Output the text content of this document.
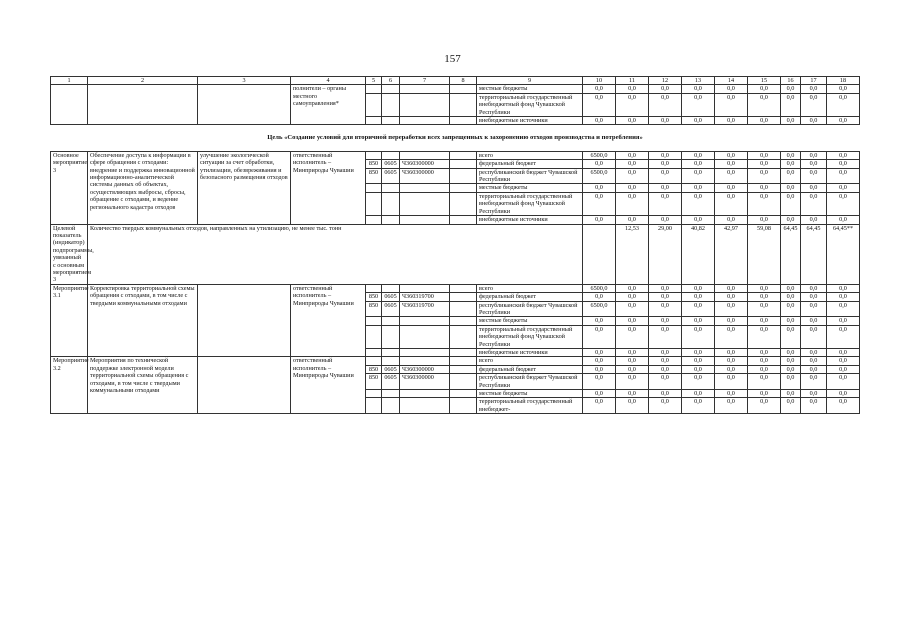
157
1	2	3	4	5	6	7	8	9	10	11	12	13	14	15	16	17	18	
			полнители – органы местного самоуправления*					местные бюджеты	0,0	0,0	0,0	0,0	0,0	0,0	0,0	0,0	0,0	
								территориальный государственный внебюджетный фонд Чувашской Республики	0,0	0,0	0,0	0,0	0,0	0,0	0,0	0,0	0,0	
								внебюджетные источники	0,0	0,0	0,0	0,0	0,0	0,0	0,0	0,0	0,0	
Цель «Создание условий для вторичной переработки всех запрещенных к захоронению отходов производства и потребления»																		
Основное мероприятие 3	Обеспечение доступа к информации в сфере обращения с отходами: внедрение и поддержка инновационной информационно-аналитической системы данных об объектах, осуществляющих выбросы, сбросы, обращение с отходами, и ведение регионального кадастра отходов	улучшение экологической ситуации за счет обработки, утилизации, обезвреживания и безопасного размещения отходов	ответственный исполнитель – Минприроды Чувашии					всего	6500,0	0,0	0,0	0,0	0,0	0,0	0,0	0,0	0,0	
				850	0605	Ч360300000		федеральный бюджет	0,0	0,0	0,0	0,0	0,0	0,0	0,0	0,0	0,0	
				850	0605	Ч360300000		республиканский бюджет Чувашской Республики	6500,0	0,0	0,0	0,0	0,0	0,0	0,0	0,0	0,0	
								местные бюджеты	0,0	0,0	0,0	0,0	0,0	0,0	0,0	0,0	0,0	
								территориальный государственный внебюджетный фонд Чувашской Республики	0,0	0,0	0,0	0,0	0,0	0,0	0,0	0,0	0,0	
								внебюджетные источники	0,0	0,0	0,0	0,0	0,0	0,0	0,0	0,0	0,0	
Целевой показатель (индикатор) подпрограммы, увязанный с основным мероприятием 3	Количество твердых коммунальных отходов, направленных на утилизацию, не менее тыс. тонн									12,53	29,00	40,82	42,97	59,08	64,45	64,45	64,45**	
Мероприятие 3.1	Корректировка территориальной схемы обращения с отходами, в том числе с твердыми коммунальными отходами		ответственный исполнитель – Минприроды Чувашии					всего	6500,0	0,0	0,0	0,0	0,0	0,0	0,0	0,0	0,0	
				850	0605	Ч360319700		федеральный бюджет	0,0	0,0	0,0	0,0	0,0	0,0	0,0	0,0	0,0	
				850	0605	Ч360319700		республиканский бюджет Чувашской Республики	6500,0	0,0	0,0	0,0	0,0	0,0	0,0	0,0	0,0	
								местные бюджеты	0,0	0,0	0,0	0,0	0,0	0,0	0,0	0,0	0,0	
								территориальный государственный внебюджетный фонд Чувашской Республики	0,0	0,0	0,0	0,0	0,0	0,0	0,0	0,0	0,0	
								внебюджетные источники	0,0	0,0	0,0	0,0	0,0	0,0	0,0	0,0	0,0	
Мероприятие 3.2	Мероприятия по технической поддержке электронной модели территориальной схемы обращения с отходами, в том числе с твердыми коммунальными отходами		ответственный исполнитель – Минприроды Чувашии					всего	0,0	0,0	0,0	0,0	0,0	0,0	0,0	0,0	0,0	
				850	0605	Ч360300000		федеральный бюджет	0,0	0,0	0,0	0,0	0,0	0,0	0,0	0,0	0,0	
				850	0605	Ч360300000		республиканский бюджет Чувашской Республики	0,0	0,0	0,0	0,0	0,0	0,0	0,0	0,0	0,0	
								местные бюджеты	0,0	0,0	0,0	0,0	0,0	0,0	0,0	0,0	0,0	
								территориальный государственный внебюджет-	0,0	0,0	0,0	0,0	0,0	0,0	0,0	0,0	0,0	
